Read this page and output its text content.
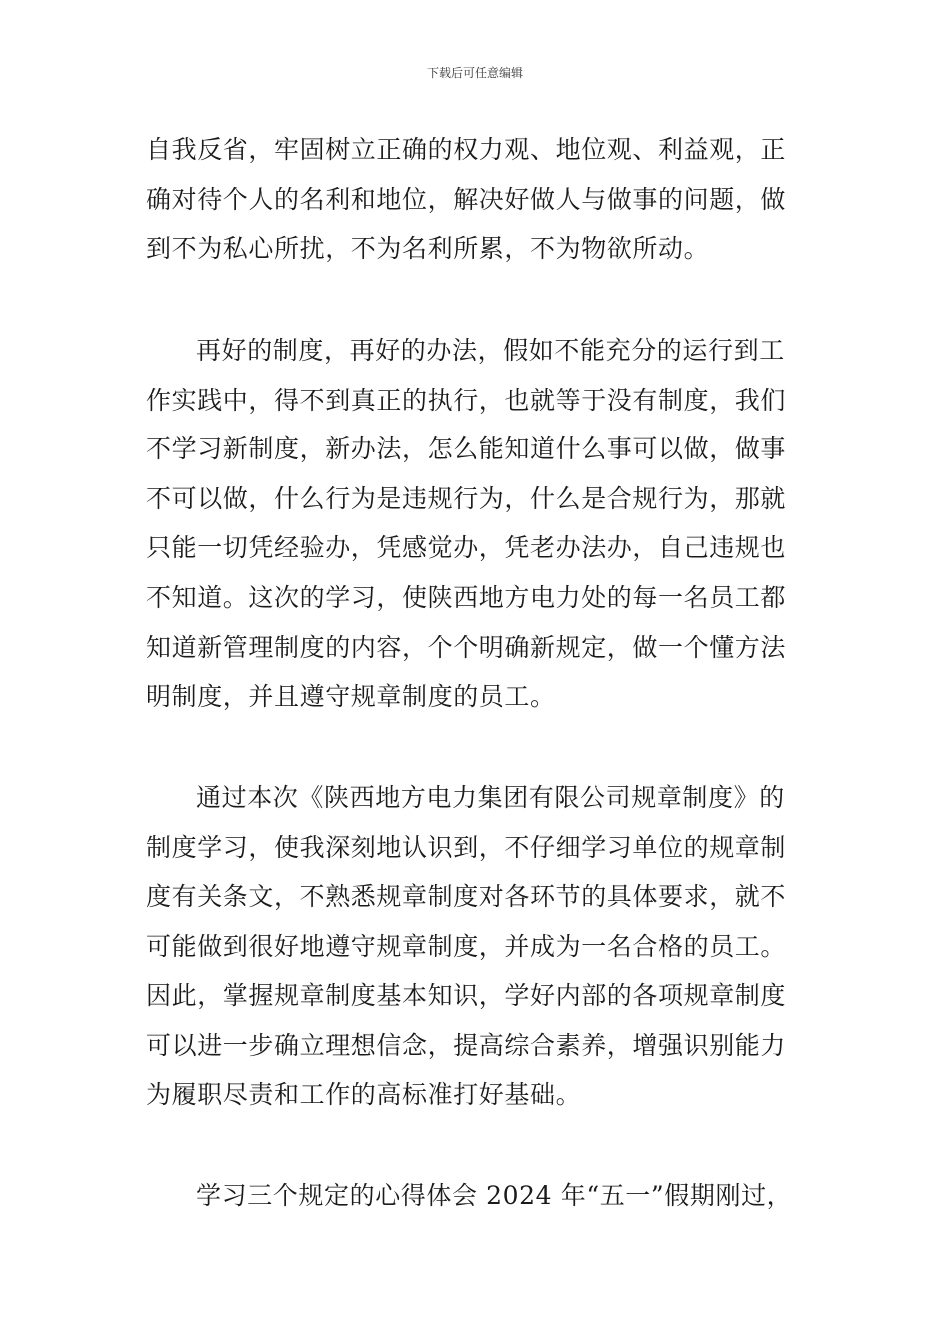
下载后可任意编辑
自我反省，牢固树立正确的权力观、地位观、利益观，正
确对待个人的名利和地位，解决好做人与做事的问题，做
到不为私心所扰，不为名利所累，不为物欲所动。
再好的制度，再好的办法，假如不能充分的运行到工
作实践中，得不到真正的执行，也就等于没有制度，我们
不学习新制度，新办法，怎么能知道什么事可以做，做事
不可以做，什么行为是违规行为，什么是合规行为，那就
只能一切凭经验办，凭感觉办，凭老办法办，自己违规也
不知道。这次的学习，使陕西地方电力处的每一名员工都
知道新管理制度的内容，个个明确新规定，做一个懂方法
明制度，并且遵守规章制度的员工。
通过本次《陕西地方电力集团有限公司规章制度》的
制度学习，使我深刻地认识到，不仔细学习单位的规章制
度有关条文，不熟悉规章制度对各环节的具体要求，就不
可能做到很好地遵守规章制度，并成为一名合格的员工。
因此，掌握规章制度基本知识，学好内部的各项规章制度
可以进一步确立理想信念，提高综合素养，增强识别能力
为履职尽责和工作的高标准打好基础。
学习三个规定的心得体会 2024 年“五一”假期刚过，
